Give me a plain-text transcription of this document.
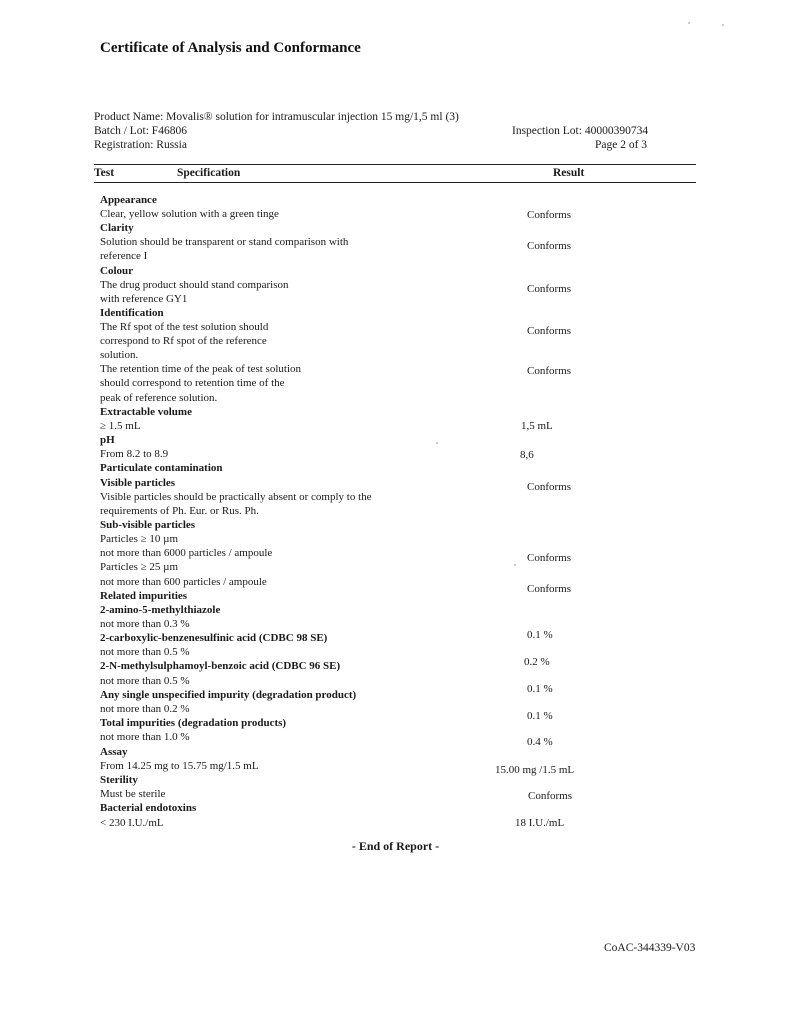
Certificate of Analysis and Conformance
Product Name: Movalis® solution for intramuscular injection 15 mg/1,5 ml (3)
Batch / Lot: F46806
Registration: Russia
Inspection Lot: 40000390734
Page 2 of 3
Test	Specification	Result
Appearance
Clear, yellow solution with a green tinge
Clarity
Solution should be transparent or stand comparison with
reference I
Colour
The drug product should stand comparison
with reference GY1
Identification
The Rf spot of the test solution should
correspond to Rf spot of the reference
solution.
The retention time of the peak of test solution
should correspond to retention time of the
peak of reference solution.
Extractable volume
≥ 1.5 mL
pH
From 8.2 to 8.9
Particulate contamination
Visible particles
Visible particles should be practically absent or comply to the
requirements of Ph. Eur. or Rus. Ph.
Sub-visible particles
Particles ≥ 10 µm
not more than 6000 particles / ampoule
Particles ≥ 25 µm
not more than 600 particles / ampoule
Related impurities
2-amino-5-methylthiazole
not more than 0.3 %
2-carboxylic-benzenesulfinic acid (CDBC 98 SE)
not more than 0.5 %
2-N-methylsulphamoyl-benzoic acid (CDBC 96 SE)
not more than 0.5 %
Any single unspecified impurity (degradation product)
not more than 0.2 %
Total impurities (degradation products)
not more than 1.0 %
Assay
From 14.25 mg to 15.75 mg/1.5 mL
Sterility
Must be sterile
Bacterial endotoxins
< 230 I.U./mL
Conforms
Conforms
Conforms
Conforms
Conforms
1,5 mL
8,6
Conforms
Conforms
Conforms
0.1 %
0.2 %
0.1 %
0.1 %
0.4 %
15.00 mg /1.5 mL
Conforms
18 I.U./mL
- End of Report -
CoAC-344339-V03
